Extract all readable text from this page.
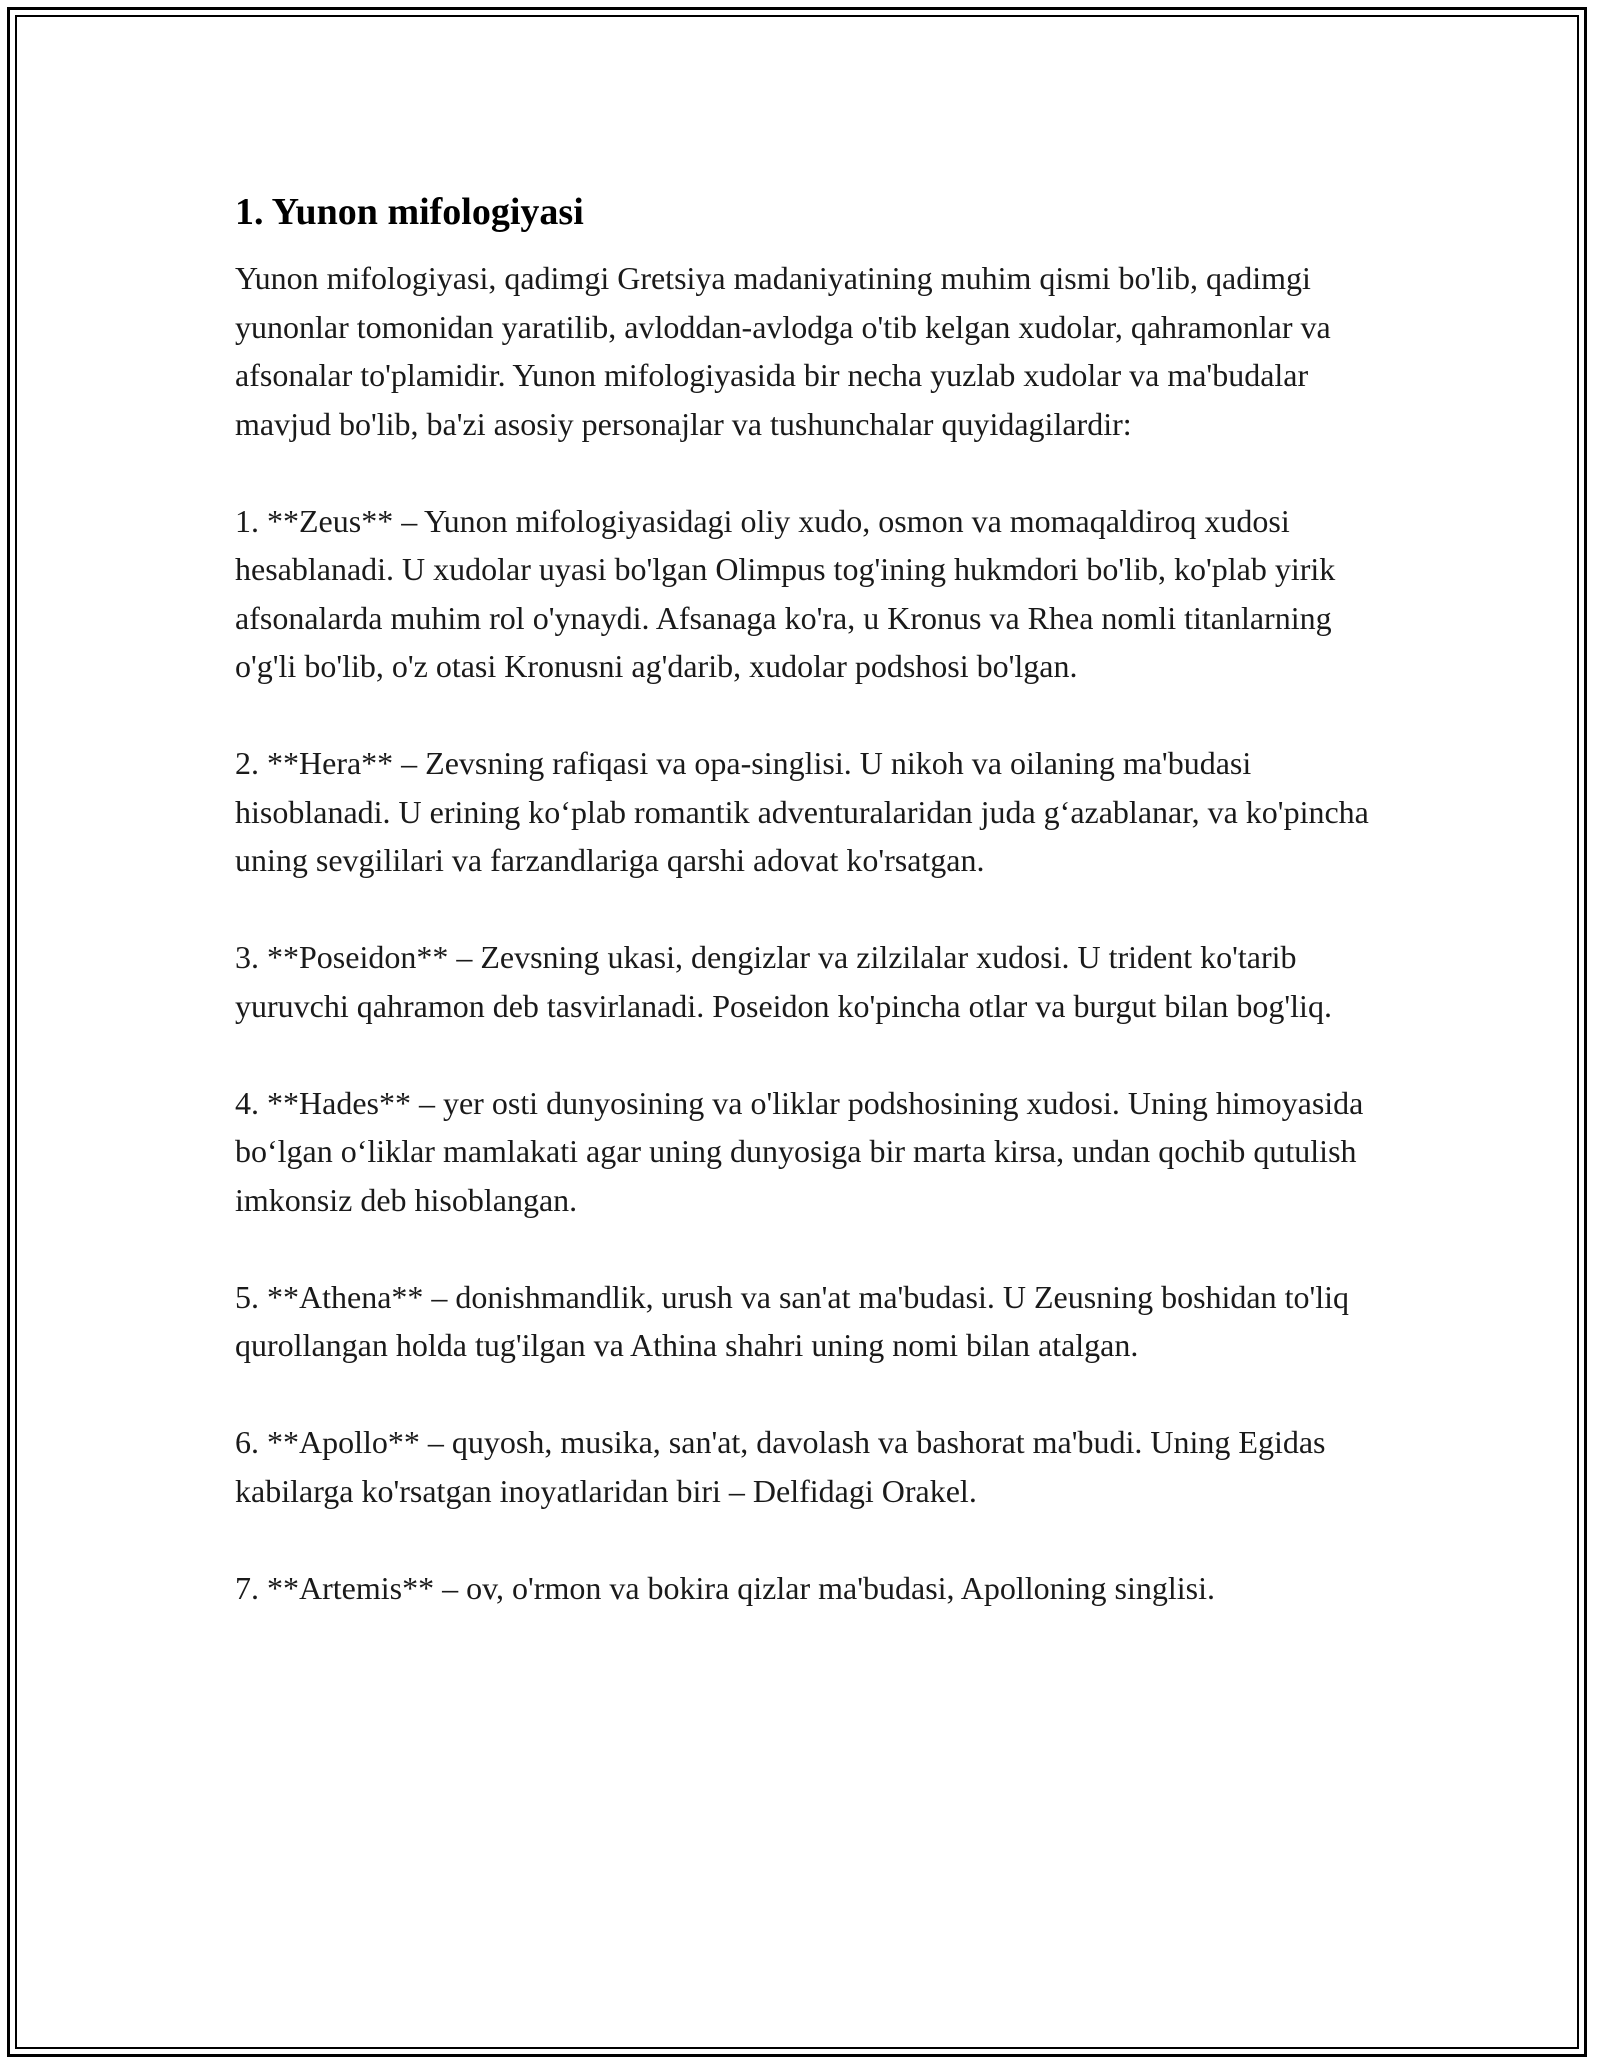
1. Yunon mifologiyasi

Yunon mifologiyasi, qadimgi Gretsiya madaniyatining muhim qismi bo'lib, qadimgi yunonlar tomonidan yaratilib, avloddan-avlodga o'tib kelgan xudolar, qahramonlar va afsonalar to'plamidir. Yunon mifologiyasida bir necha yuzlab xudolar va ma'budalar mavjud bo'lib, ba'zi asosiy personajlar va tushunchalar quyidagilardir:

1. **Zeus** – Yunon mifologiyasidagi oliy xudo, osmon va momaqaldiroq xudosi hesablanadi. U xudolar uyasi bo'lgan Olimpus tog'ining hukmdori bo'lib, ko'plab yirik afsonalarda muhim rol o'ynaydi. Afsanaga ko'ra, u Kronus va Rhea nomli titanlarning o'g'li bo'lib, o'z otasi Kronusni ag'darib, xudolar podshosi bo'lgan.

2. **Hera** – Zevsning rafiqasi va opa-singlisi. U nikoh va oilaning ma'budasi hisoblanadi. U erining ko‘plab romantik adventuralaridan juda g‘azablanar, va ko'pincha uning sevgililari va farzandlariga qarshi adovat ko'rsatgan.

3. **Poseidon** – Zevsning ukasi, dengizlar va zilzilalar xudosi. U trident ko'tarib yuruvchi qahramon deb tasvirlanadi. Poseidon ko'pincha otlar va burgut bilan bog'liq.

4. **Hades** – yer osti dunyosining va o'liklar podshosining xudosi. Uning himoyasida bo‘lgan o‘liklar mamlakati agar uning dunyosiga bir marta kirsa, undan qochib qutulish imkonsiz deb hisoblangan.

5. **Athena** – donishmandlik, urush va san'at ma'budasi. U Zeusning boshidan to'liq qurollangan holda tug'ilgan va Athina shahri uning nomi bilan atalgan.

6. **Apollo** – quyosh, musika, san'at, davolash va bashorat ma'budi. Uning Egidas kabilarga ko'rsatgan inoyatlaridan biri – Delfidagi Orakel.

7. **Artemis** – ov, o'rmon va bokira qizlar ma'budasi, Apolloning singlisi.
